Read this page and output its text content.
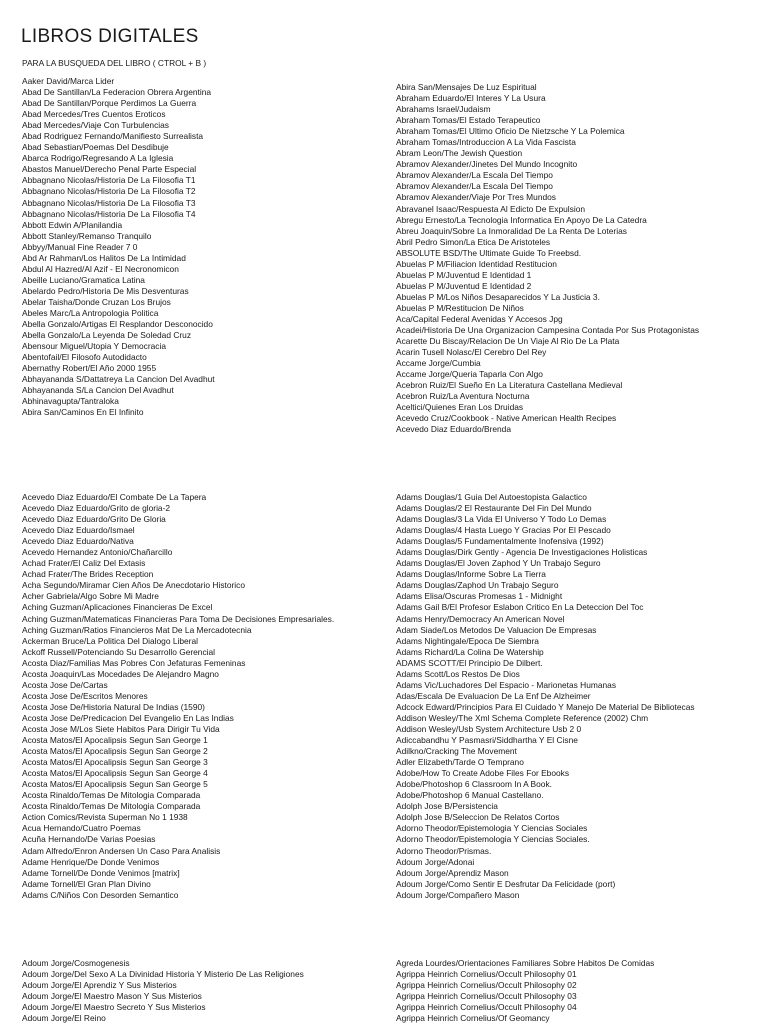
LIBROS DIGITALES
PARA LA BUSQUEDA DEL LIBRO ( CTROL + B )
Aaker David/Marca Lider
Abad De Santillan/La Federacion Obrera Argentina
Abad De Santillan/Porque Perdimos La Guerra
Abad Mercedes/Tres Cuentos Eroticos
Abad Mercedes/Viaje Con Turbulencias
Abad Rodriguez Fernando/Manifiesto Surrealista
Abad Sebastian/Poemas Del Desdibuje
Abarca Rodrigo/Regresando A La Iglesia
Abastos Manuel/Derecho Penal Parte Especial
Abbagnano Nicolas/Historia De La Filosofia T1
Abbagnano Nicolas/Historia De La Filosofia T2
Abbagnano Nicolas/Historia De La Filosofia T3
Abbagnano Nicolas/Historia De La Filosofia T4
Abbott Edwin A/Planilandia
Abbott Stanley/Remanso Tranquilo
Abbyy/Manual Fine Reader 7 0
Abd Ar Rahman/Los Halitos De La Intimidad
Abdul Al Hazred/Al Azif - El Necronomicon
Abeille Luciano/Gramatica Latina
Abelardo Pedro/Historia De Mis Desventuras
Abelar Taisha/Donde Cruzan Los Brujos
Abeles Marc/La Antropologia Politica
Abella Gonzalo/Artigas El Resplandor Desconocido
Abella Gonzalo/La Leyenda De Soledad Cruz
Abensour Miguel/Utopia Y Democracia
Abentofail/El Filosofo Autodidacto
Abernathy Robert/El Año 2000 1955
Abhayananda S/Dattatreya La Cancion Del Avadhut
Abhayananda S/La Cancion Del Avadhut
Abhinavagupta/Tantraloka
Abira San/Caminos En El Infinito
Abira San/Mensajes De Luz Espiritual
Abraham Eduardo/El Interes Y La Usura
Abrahams Israel/Judaism
Abraham Tomas/El Estado Terapeutico
Abraham Tomas/El Ultimo Oficio De Nietzsche Y La Polemica
Abraham Tomas/Introduccion A La Vida Fascista
Abram Leon/The Jewish Question
Abramov Alexander/Jinetes Del Mundo Incognito
Abramov Alexander/La Escala Del Tiempo
Abramov Alexander/La Escala Del Tiempo
Abramov Alexander/Viaje Por Tres Mundos
Abravanel Isaac/Respuesta Al Edicto De Expulsion
Abregu Ernesto/La Tecnologia Informatica En Apoyo De La Catedra
Abreu Joaquin/Sobre La Inmoralidad De La Renta De Loterias
Abril Pedro Simon/La Etica De Aristoteles
ABSOLUTE BSD/The Ultimate Guide To Freebsd.
Abuelas P M/Filiacion Identidad Restitucion
Abuelas P M/Juventud E Identidad 1
Abuelas P M/Juventud E Identidad 2
Abuelas P M/Los Niños Desaparecidos Y La Justicia 3.
Abuelas P M/Restitucion De Niños
Aca/Capital Federal Avenidas Y Accesos Jpg
Acadei/Historia De Una Organizacion Campesina Contada Por Sus Protagonistas
Acarette Du Biscay/Relacion De Un Viaje Al Rio De La Plata
Acarin Tusell Nolasc/El Cerebro Del Rey
Accame Jorge/Cumbia
Accame Jorge/Queria Taparla Con Algo
Acebron Ruiz/El Sueño En La Literatura Castellana Medieval
Acebron Ruiz/La Aventura Nocturna
Aceltici/Quienes Eran Los Druidas
Acevedo Cruz/Cookbook - Native American Health Recipes
Acevedo Diaz Eduardo/Brenda
Acevedo Diaz Eduardo/El Combate De La Tapera
Acevedo Diaz Eduardo/Grito de gloria-2
Acevedo Diaz Eduardo/Grito De Gloria
Acevedo Diaz Eduardo/Ismael
Acevedo Diaz Eduardo/Nativa
Acevedo Hernandez Antonio/Chañarcillo
Achad Frater/El Caliz Del Extasis
Achad Frater/The Brides Reception
Acha Segundo/Miramar Cien Años De Anecdotario Historico
Acher Gabriela/Algo Sobre Mi Madre
Aching Guzman/Aplicaciones Financieras De Excel
Aching Guzman/Matematicas Financieras Para Toma De Decisiones Empresariales.
Aching Guzman/Ratios Financieros Mat De La Mercadotecnia
Ackerman Bruce/La Politica Del Dialogo Liberal
Ackoff Russell/Potenciando Su Desarrollo Gerencial
Acosta Diaz/Familias Mas Pobres Con Jefaturas Femeninas
Acosta Joaquin/Las Mocedades De Alejandro Magno
Acosta Jose De/Cartas
Acosta Jose De/Escritos Menores
Acosta Jose De/Historia Natural De Indias (1590)
Acosta Jose De/Predicacion Del Evangelio En Las Indias
Acosta Jose M/Los Siete Habitos Para Dirigir Tu Vida
Acosta Matos/El Apocalipsis Segun San George 1
Acosta Matos/El Apocalipsis Segun San George 2
Acosta Matos/El Apocalipsis Segun San George 3
Acosta Matos/El Apocalipsis Segun San George 4
Acosta Matos/El Apocalipsis Segun San George 5
Acosta Rinaldo/Temas De Mitologia Comparada
Acosta Rinaldo/Temas De Mitologia Comparada
Action Comics/Revista Superman No 1 1938
Acua Hernando/Cuatro Poemas
Acuña Hernando/De Varias Poesias
Adam Alfredo/Enron Andersen Un Caso Para Analisis
Adame Henrique/De Donde Venimos
Adame Tornell/De Donde Venimos [matrix]
Adame Tornell/El Gran Plan Divino
Adams C/Niños Con Desorden Semantico
Adams Douglas/1 Guia Del Autoestopista Galactico
Adams Douglas/2 El Restaurante Del Fin Del Mundo
Adams Douglas/3 La Vida El Universo Y Todo Lo Demas
Adams Douglas/4 Hasta Luego Y Gracias Por El Pescado
Adams Douglas/5 Fundamentalmente Inofensiva (1992)
Adams Douglas/Dirk Gently - Agencia De Investigaciones Holisticas
Adams Douglas/El Joven Zaphod Y Un Trabajo Seguro
Adams Douglas/Informe Sobre La Tierra
Adams Douglas/Zaphod Un Trabajo Seguro
Adams Elisa/Oscuras Promesas 1 - Midnight
Adams Gail B/El Profesor Eslabon Critico En La Deteccion Del Toc
Adams Henry/Democracy An American Novel
Adam Siade/Los Metodos De Valuacion De Empresas
Adams Nightingale/Epoca De Siembra
Adams Richard/La Colina De Watership
ADAMS SCOTT/El Principio De Dilbert.
Adams Scott/Los Restos De Dios
Adams Vic/Luchadores Del Espacio - Marionetas Humanas
Adas/Escala De Evaluacion De La Enf De Alzheimer
Adcock Edward/Principios Para El Cuidado Y Manejo De Material De Bibliotecas
Addison Wesley/The Xml Schema Complete Reference (2002) Chm
Addison Wesley/Usb System Architecture Usb 2 0
Adiccabandhu Y Pasmasri/Siddhartha Y El Cisne
Adilkno/Cracking The Movement
Adler Elizabeth/Tarde O Temprano
Adobe/How To Create Adobe Files For Ebooks
Adobe/Photoshop 6 Classroom In A Book.
Adobe/Photoshop 6 Manual Castellano.
Adolph Jose B/Persistencia
Adolph Jose B/Seleccion De Relatos Cortos
Adorno Theodor/Epistemologia Y Ciencias Sociales
Adorno Theodor/Epistemologia Y Ciencias Sociales.
Adorno Theodor/Prismas.
Adoum Jorge/Adonai
Adoum Jorge/Aprendiz Mason
Adoum Jorge/Como Sentir E Desfrutar Da Felicidade (port)
Adoum Jorge/Compañero Mason
Adoum Jorge/Cosmogenesis
Adoum Jorge/Del Sexo A La Divinidad Historia Y Misterio De Las Religiones
Adoum Jorge/El Aprendiz Y Sus Misterios
Adoum Jorge/El Maestro Mason Y Sus Misterios
Adoum Jorge/El Maestro Secreto Y Sus Misterios
Adoum Jorge/El Reino
Agreda Lourdes/Orientaciones Familiares Sobre Habitos De Comidas
Agrippa Heinrich Cornelius/Occult Philosophy 01
Agrippa Heinrich Cornelius/Occult Philosophy 02
Agrippa Heinrich Cornelius/Occult Philosophy 03
Agrippa Heinrich Cornelius/Occult Philosophy 04
Agrippa Heinrich Cornelius/Of Geomancy
